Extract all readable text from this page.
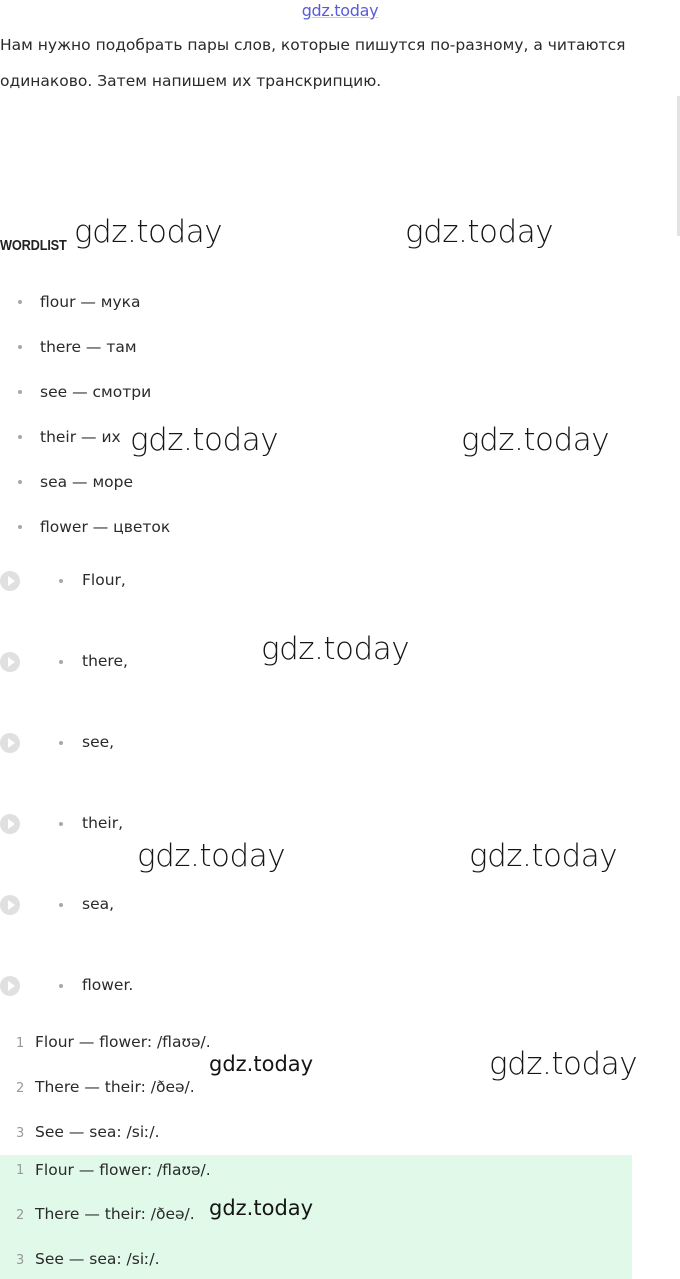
gdz.today
Нам нужно подобрать пары слов, которые пишутся по-разному, а читаются одинаково. Затем напишем их транскрипцию.
WORDLIST
flour — мука
there — там
see — смотри
their — их
sea — море
flower — цветок
Flour,
there,
see,
their,
sea,
flower.
1 Flour — flower: /flaʊə/.
2 There — their: /ðeə/.
3 See — sea: /siː/.
1 Flour — flower: /flaʊə/.
2 There — their: /ðeə/.
3 See — sea: /siː/.
gdz.today	gdz.today
gdz.today	gdz.today
gdz.today
gdz.today	gdz.today
gdz.today
gdz.today
gdz.today
